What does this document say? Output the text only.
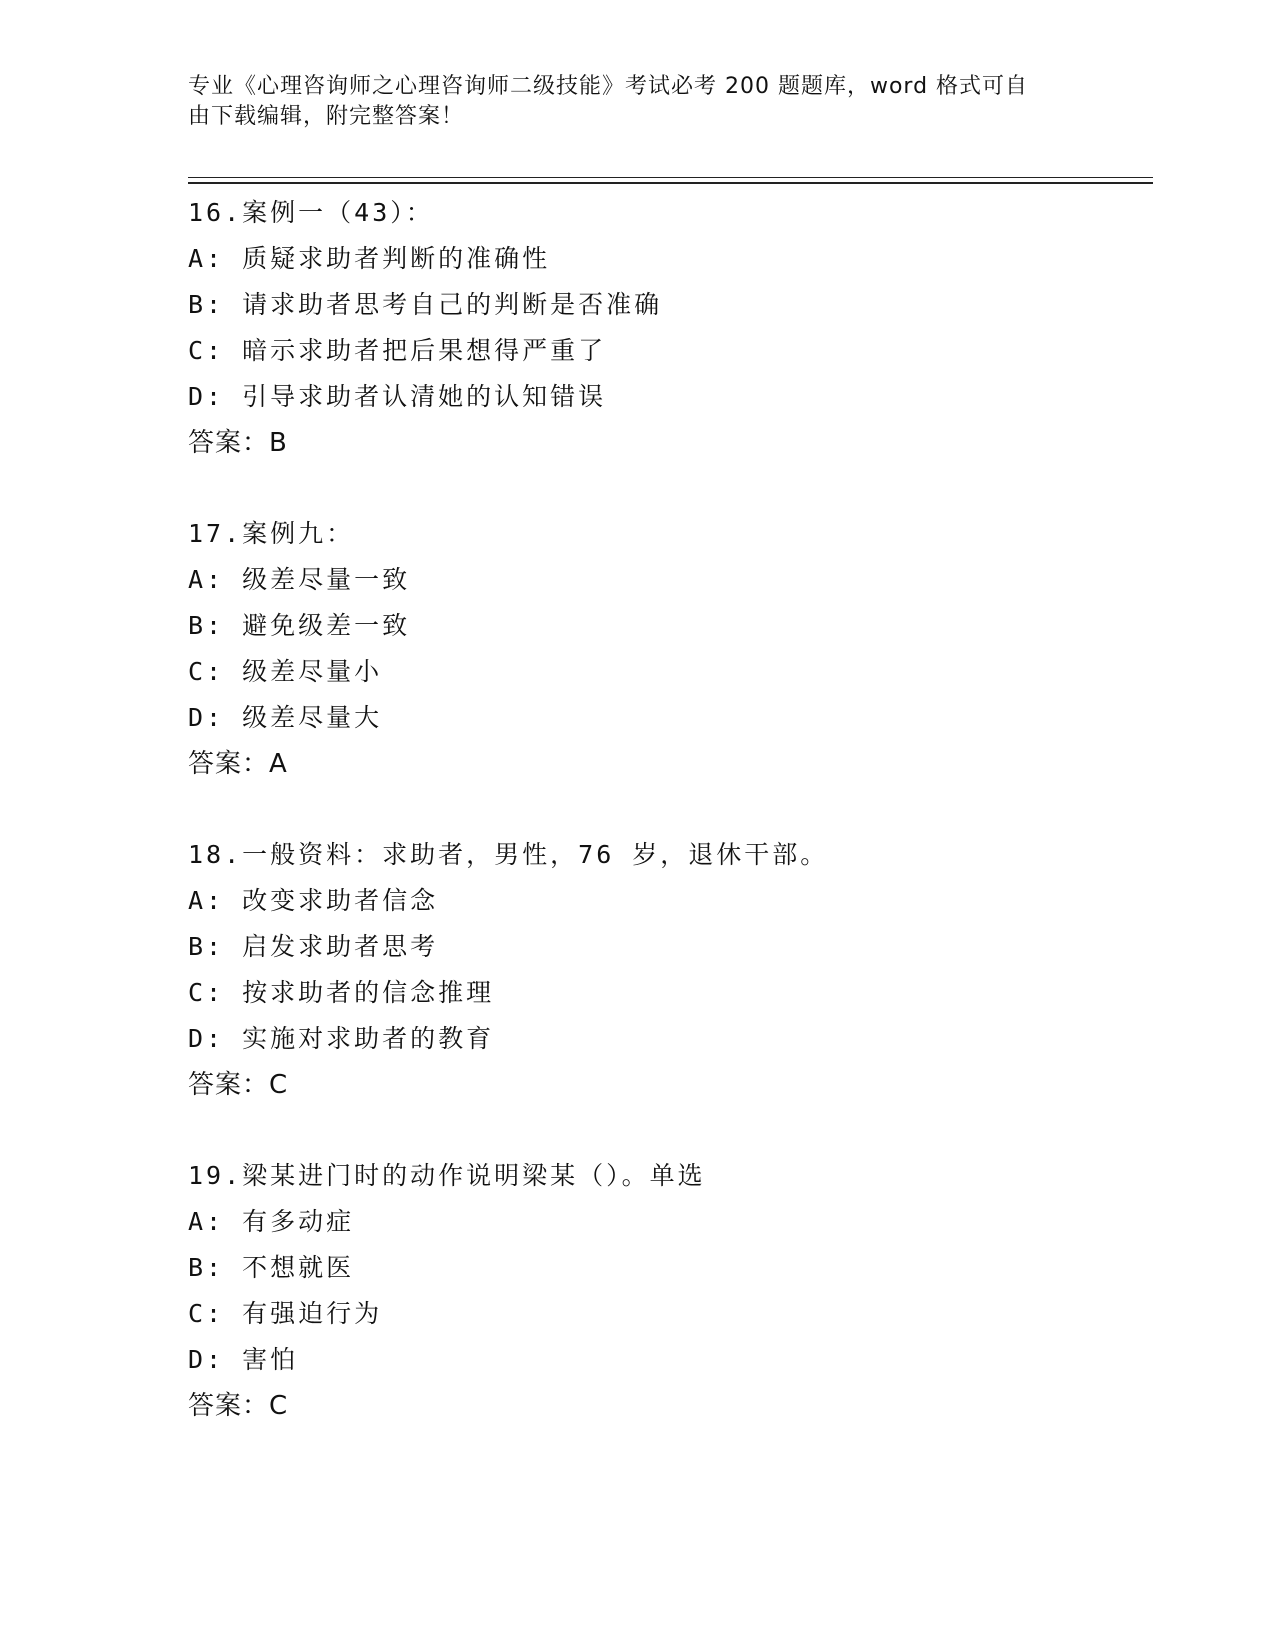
专业《心理咨询师之心理咨询师二级技能》考试必考 200 题题库，word 格式可自
由下载编辑，附完整答案！
16.案例一（43）：
A: 质疑求助者判断的准确性
B: 请求助者思考自己的判断是否准确
C: 暗示求助者把后果想得严重了
D: 引导求助者认清她的认知错误
答案：B
17.案例九：
A: 级差尽量一致
B: 避免级差一致
C: 级差尽量小
D: 级差尽量大
答案：A
18.一般资料：求助者，男性，76 岁，退休干部。
A: 改变求助者信念
B: 启发求助者思考
C: 按求助者的信念推理
D: 实施对求助者的教育
答案：C
19.梁某进门时的动作说明梁某（）。单选
A: 有多动症
B: 不想就医
C: 有强迫行为
D: 害怕
答案：C
